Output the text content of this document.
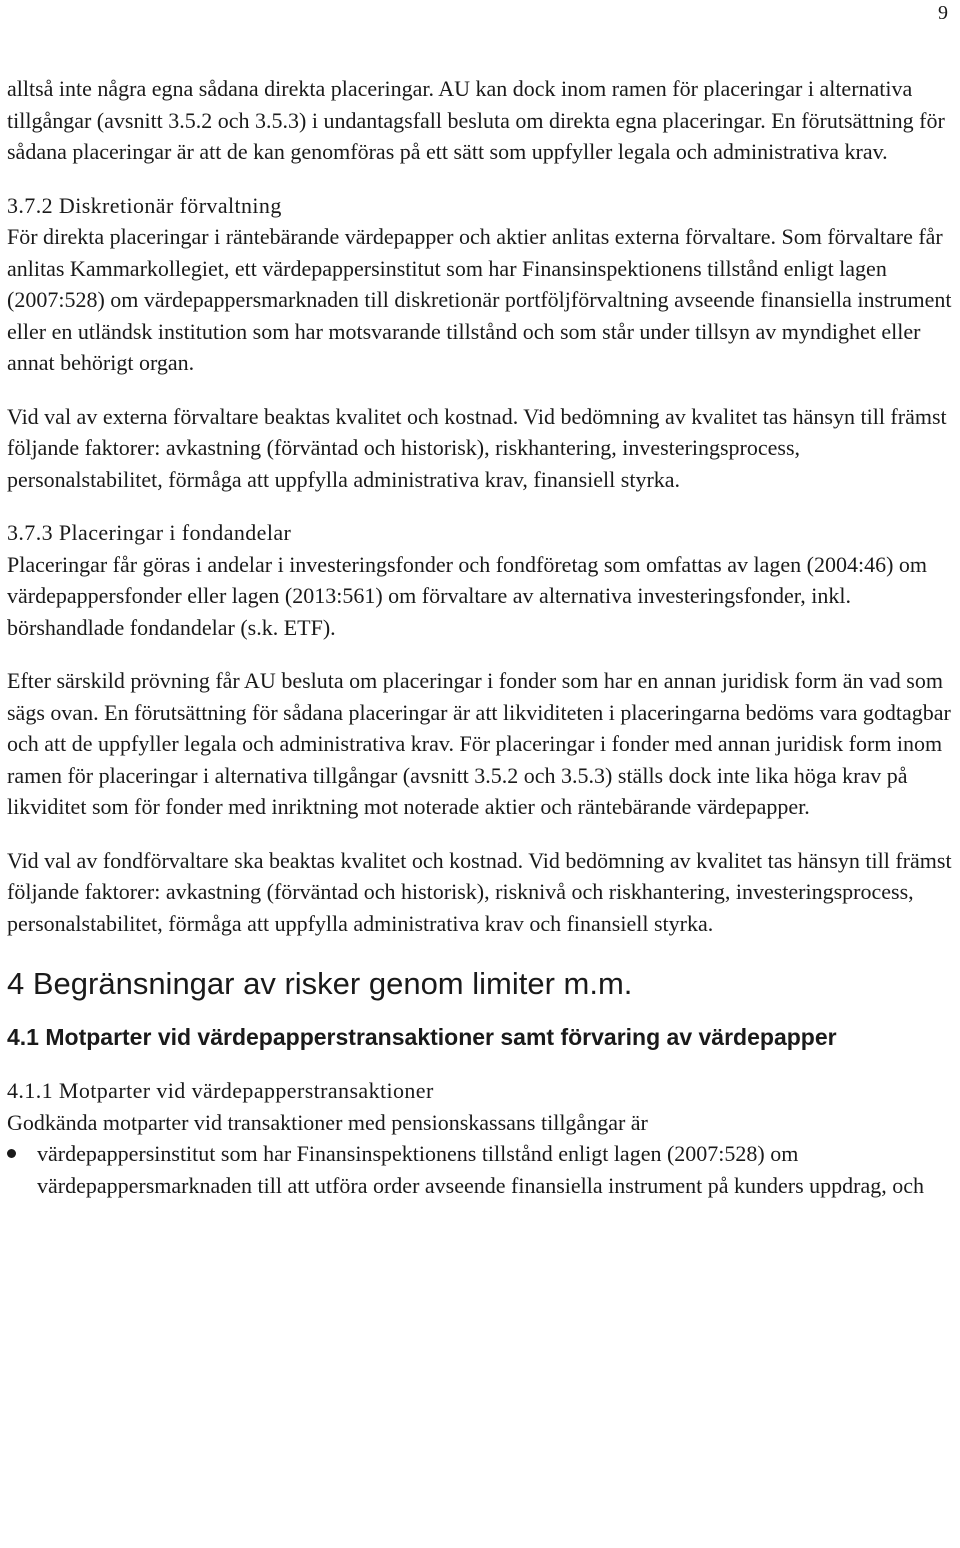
9

alltså inte några egna sådana direkta placeringar. AU kan dock inom ramen för placeringar i alternativa tillgångar (avsnitt 3.5.2 och 3.5.3) i undantagsfall besluta om direkta egna placeringar. En förutsättning för sådana placeringar är att de kan genomföras på ett sätt som uppfyller legala och administrativa krav.

3.7.2 Diskretionär förvaltning

För direkta placeringar i räntebärande värdepapper och aktier anlitas externa förvaltare. Som förvaltare får anlitas Kammarkollegiet, ett värdepappersinstitut som har Finansinspektionens tillstånd enligt lagen (2007:528) om värdepappersmarknaden till diskretionär portföljförvaltning avseende finansiella instrument eller en utländsk institution som har motsvarande tillstånd och som står under tillsyn av myndighet eller annat behörigt organ.

Vid val av externa förvaltare beaktas kvalitet och kostnad. Vid bedömning av kvalitet tas hänsyn till främst följande faktorer: avkastning (förväntad och historisk), riskhantering, investeringsprocess, personalstabilitet, förmåga att uppfylla administrativa krav, finansiell styrka.

3.7.3 Placeringar i fondandelar

Placeringar får göras i andelar i investeringsfonder och fondföretag som omfattas av lagen (2004:46) om värdepappersfonder eller lagen (2013:561) om förvaltare av alternativa investeringsfonder, inkl. börshandlade fondandelar (s.k. ETF).

Efter särskild prövning får AU besluta om placeringar i fonder som har en annan juridisk form än vad som sägs ovan. En förutsättning för sådana placeringar är att likviditeten i placeringarna bedöms vara godtagbar och att de uppfyller legala och administrativa krav. För placeringar i fonder med annan juridisk form inom ramen för placeringar i alternativa tillgångar (avsnitt 3.5.2 och 3.5.3) ställs dock inte lika höga krav på likviditet som för fonder med inriktning mot noterade aktier och räntebärande värdepapper.

Vid val av fondförvaltare ska beaktas kvalitet och kostnad. Vid bedömning av kvalitet tas hänsyn till främst följande faktorer: avkastning (förväntad och historisk), risknivå och riskhantering, investeringsprocess, personalstabilitet, förmåga att uppfylla administrativa krav och finansiell styrka.

4 Begränsningar av risker genom limiter m.m.
4.1 Motparter vid värdepapperstransaktioner samt förvaring av värdepapper

4.1.1 Motparter vid värdepapperstransaktioner

Godkända motparter vid transaktioner med pensionskassans tillgångar är

värdepappersinstitut som har Finansinspektionens tillstånd enligt lagen (2007:528) om värdepappersmarknaden till att utföra order avseende finansiella instrument på kunders uppdrag, och
